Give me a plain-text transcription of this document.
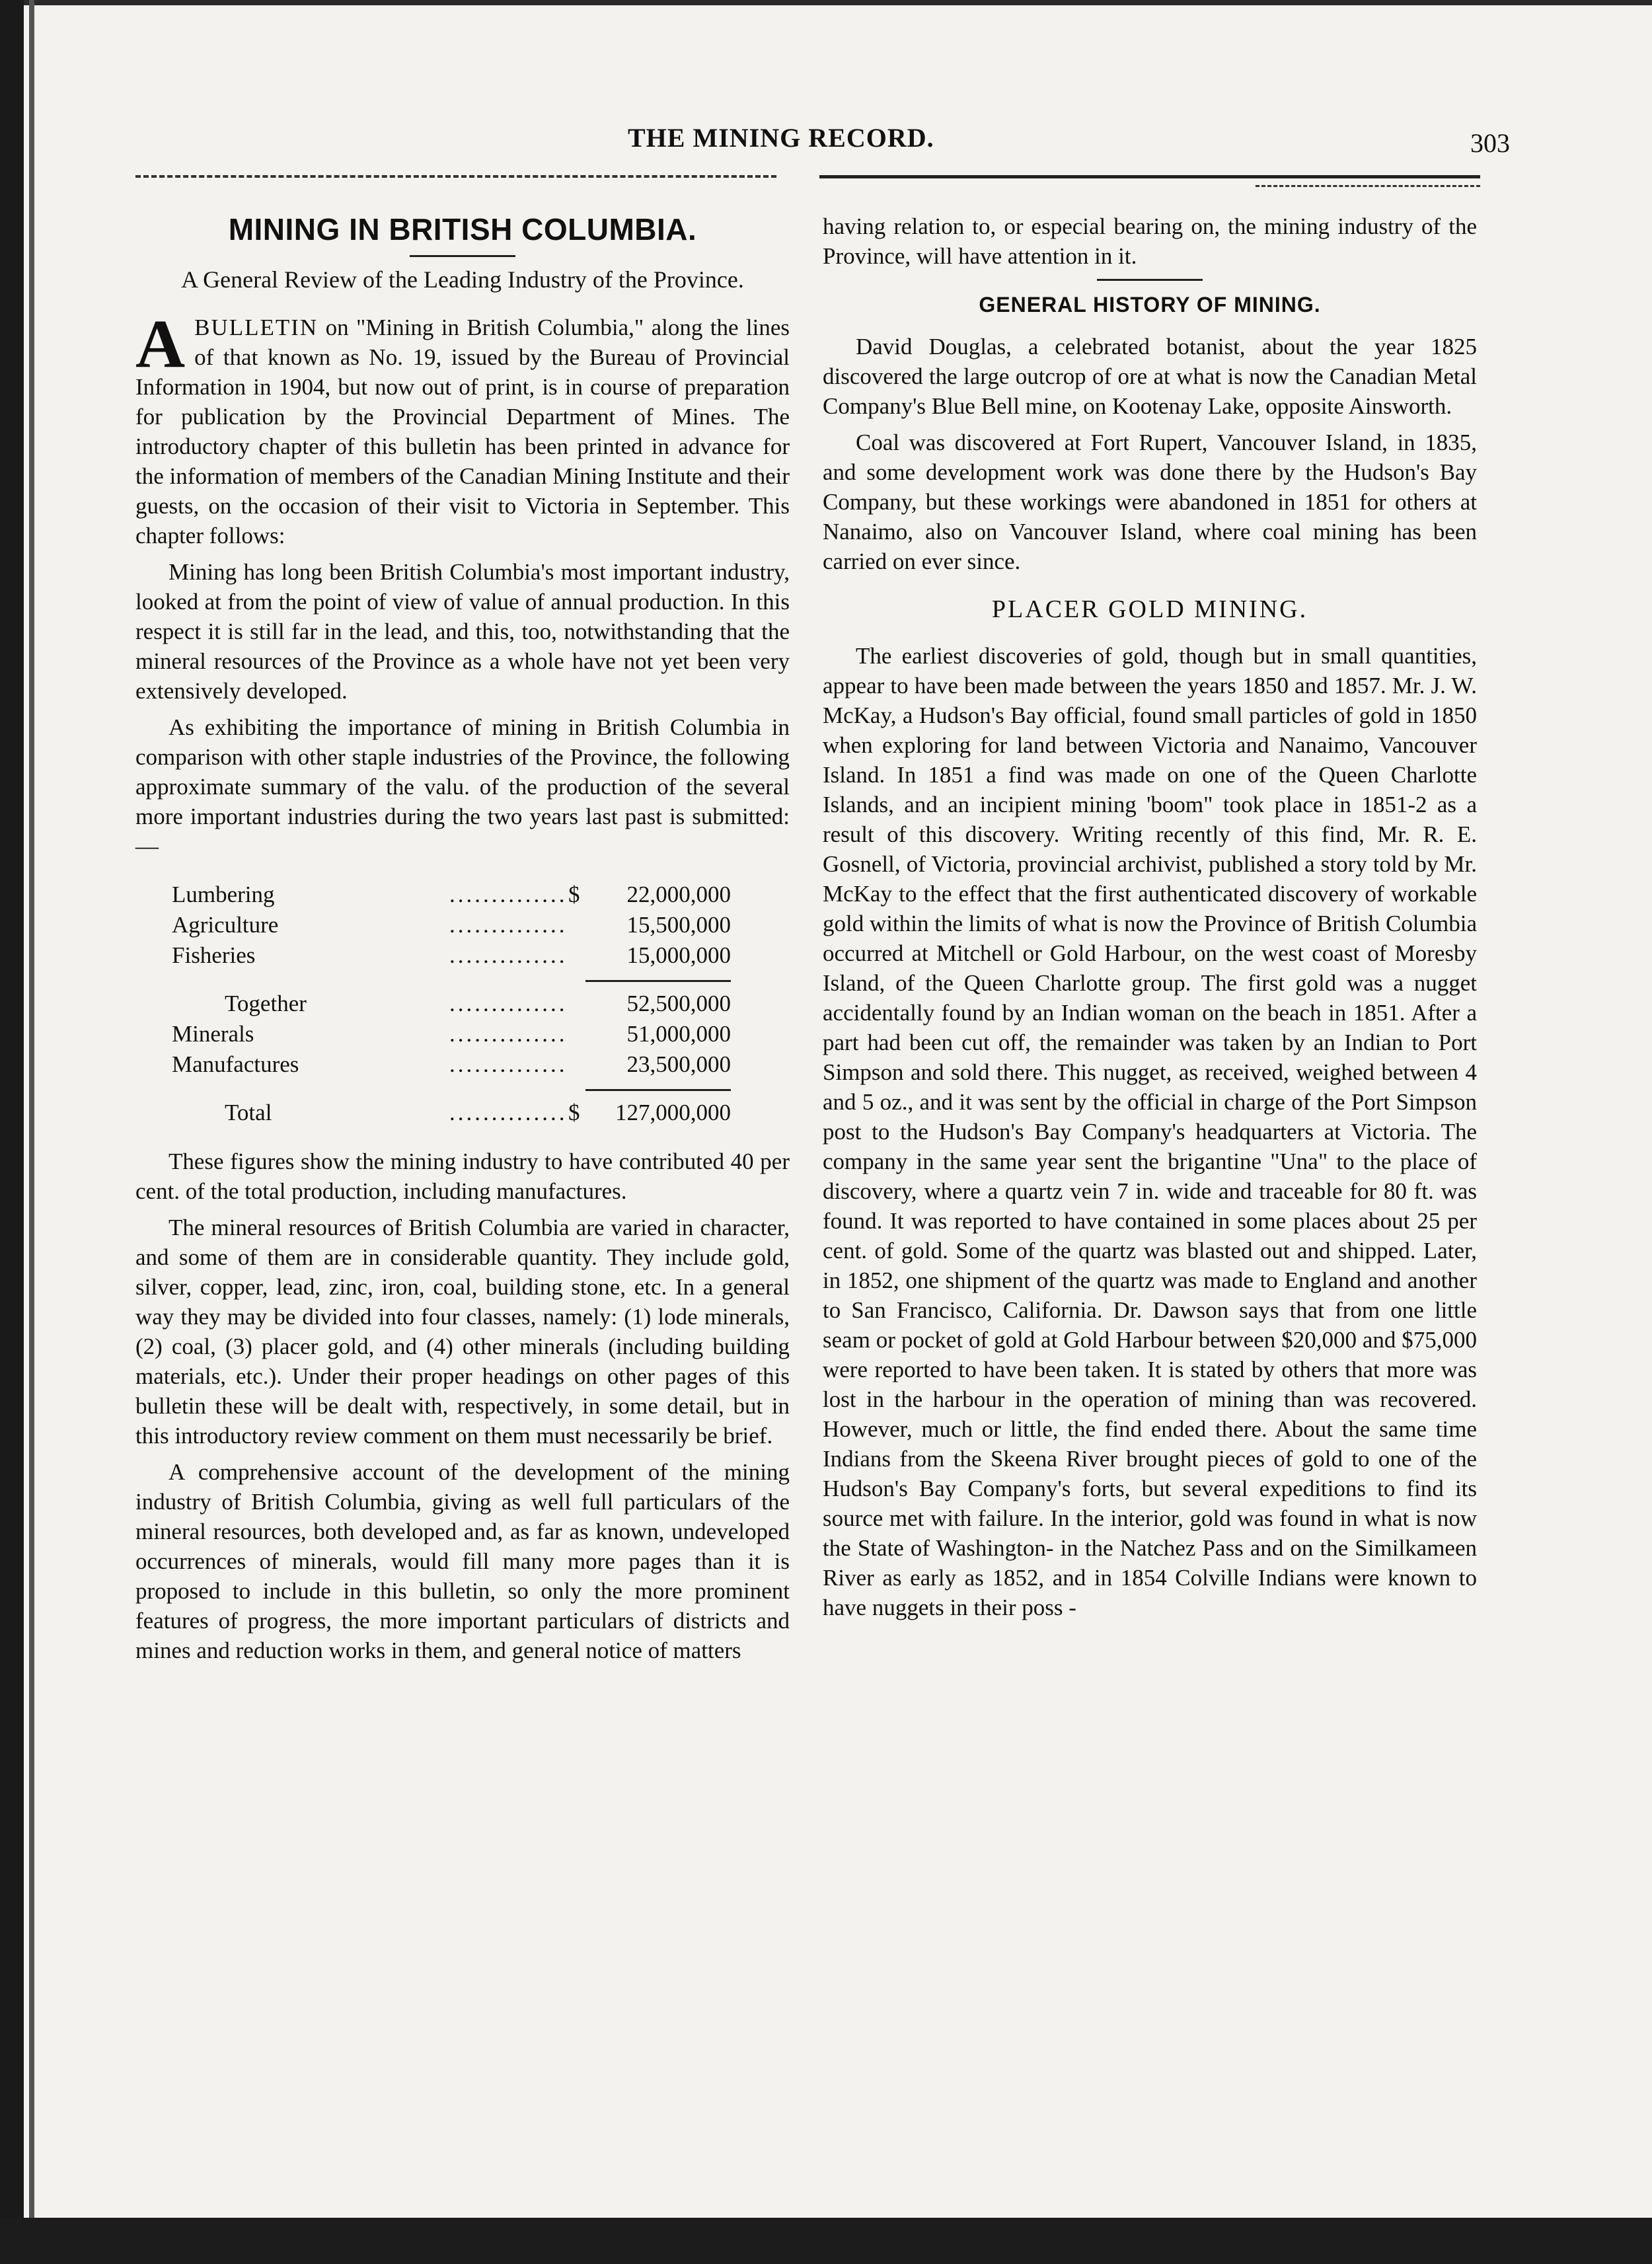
THE MINING RECORD.	303
MINING IN BRITISH COLUMBIA.
A General Review of the Leading Industry of the Province.

ABULLETIN on "Mining in British Columbia," along the lines of that known as No. 19, issued by the Bureau of Provincial Information in 1904, but now out of print, is in course of preparation for publication by the Provincial Department of Mines. The introductory chapter of this bulletin has been printed in advance for the information of members of the Canadian Mining Institute and their guests, on the occasion of their visit to Victoria in September. This chapter follows:

Mining has long been British Columbia's most important industry, looked at from the point of view of value of annual production. In this respect it is still far in the lead, and this, too, notwithstanding that the mineral resources of the Province as a whole have not yet been very extensively developed.

As exhibiting the importance of mining in British Columbia in comparison with other staple industries of the Province, the following approximate summary of the valu. of the production of the several more important industries during the two years last past is submitted:—

Lumbering	..............	$	22,000,000
Agriculture	..............		15,500,000
Fisheries	..............		15,000,000

Together	..............		52,500,000
Minerals	..............		51,000,000
Manufactures	..............		23,500,000

Total	..............	$	127,000,000

These figures show the mining industry to have contributed 40 per cent. of the total production, including manufactures.

The mineral resources of British Columbia are varied in character, and some of them are in considerable quantity. They include gold, silver, copper, lead, zinc, iron, coal, building stone, etc. In a general way they may be divided into four classes, namely: (1) lode minerals, (2) coal, (3) placer gold, and (4) other minerals (including building materials, etc.). Under their proper headings on other pages of this bulletin these will be dealt with, respectively, in some detail, but in this introductory review comment on them must necessarily be brief.

A comprehensive account of the development of the mining industry of British Columbia, giving as well full particulars of the mineral resources, both developed and, as far as known, undeveloped occurrences of minerals, would fill many more pages than it is proposed to include in this bulletin, so only the more prominent features of progress, the more important particulars of districts and mines and reduction works in them, and general notice of matters

having relation to, or especial bearing on, the mining industry of the Province, will have attention in it.

GENERAL HISTORY OF MINING.

David Douglas, a celebrated botanist, about the year 1825 discovered the large outcrop of ore at what is now the Canadian Metal Company's Blue Bell mine, on Kootenay Lake, opposite Ainsworth.

Coal was discovered at Fort Rupert, Vancouver Island, in 1835, and some development work was done there by the Hudson's Bay Company, but these workings were abandoned in 1851 for others at Nanaimo, also on Vancouver Island, where coal mining has been carried on ever since.

PLACER GOLD MINING.

The earliest discoveries of gold, though but in small quantities, appear to have been made between the years 1850 and 1857. Mr. J. W. McKay, a Hudson's Bay official, found small particles of gold in 1850 when exploring for land between Victoria and Nanaimo, Vancouver Island. In 1851 a find was made on one of the Queen Charlotte Islands, and an incipient mining 'boom" took place in 1851-2 as a result of this discovery. Writing recently of this find, Mr. R. E. Gosnell, of Victoria, provincial archivist, published a story told by Mr. McKay to the effect that the first authenticated discovery of workable gold within the limits of what is now the Province of British Columbia occurred at Mitchell or Gold Harbour, on the west coast of Moresby Island, of the Queen Charlotte group. The first gold was a nugget accidentally found by an Indian woman on the beach in 1851. After a part had been cut off, the remainder was taken by an Indian to Port Simpson and sold there. This nugget, as received, weighed between 4 and 5 oz., and it was sent by the official in charge of the Port Simpson post to the Hudson's Bay Company's headquarters at Victoria. The company in the same year sent the brigantine "Una" to the place of discovery, where a quartz vein 7 in. wide and traceable for 80 ft. was found. It was reported to have contained in some places about 25 per cent. of gold. Some of the quartz was blasted out and shipped. Later, in 1852, one shipment of the quartz was made to England and another to San Francisco, California. Dr. Dawson says that from one little seam or pocket of gold at Gold Harbour between $20,000 and $75,000 were reported to have been taken. It is stated by others that more was lost in the harbour in the operation of mining than was recovered. However, much or little, the find ended there. About the same time Indians from the Skeena River brought pieces of gold to one of the Hudson's Bay Company's forts, but several expeditions to find its source met with failure. In the interior, gold was found in what is now the State of Washington- in the Natchez Pass and on the Similkameen River as early as 1852, and in 1854 Colville Indians were known to have nuggets in their poss -
